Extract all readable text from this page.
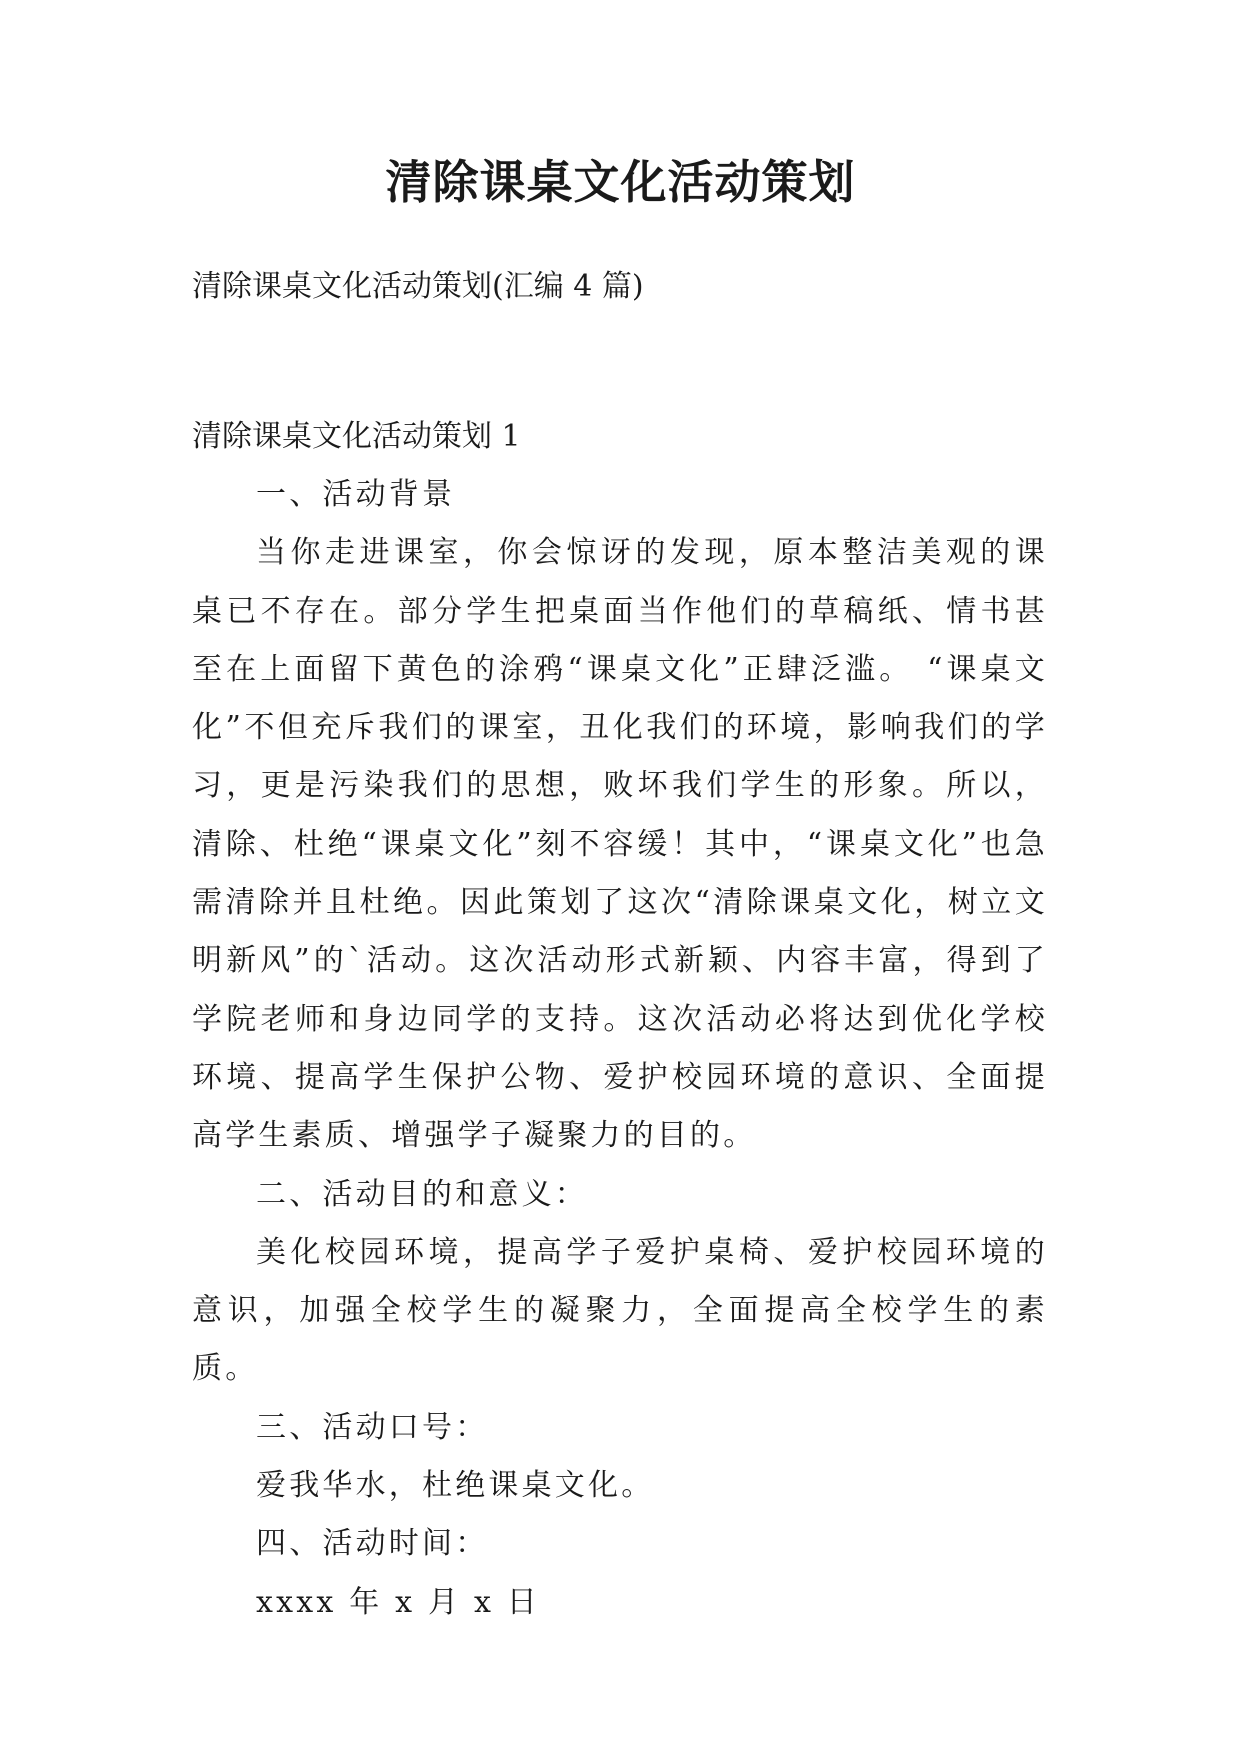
清除课桌文化活动策划
清除课桌文化活动策划(汇编 4 篇)
清除课桌文化活动策划 1

一、活动背景

当你走进课室，你会惊讶的发现，原本整洁美观的课桌已不存在。部分学生把桌面当作他们的草稿纸、情书甚至在上面留下黄色的涂鸦“课桌文化”正肆泛滥。 “课桌文化”不但充斥我们的课室，丑化我们的环境，影响我们的学习，更是污染我们的思想，败坏我们学生的形象。所以，清除、杜绝“课桌文化”刻不容缓！其中，“课桌文化”也急需清除并且杜绝。因此策划了这次“清除课桌文化，树立文明新风”的`活动。这次活动形式新颖、内容丰富，得到了学院老师和身边同学的支持。这次活动必将达到优化学校环境、提高学生保护公物、爱护校园环境的意识、全面提高学生素质、增强学子凝聚力的目的。

二、活动目的和意义：

美化校园环境，提高学子爱护桌椅、爱护校园环境的意识，加强全校学生的凝聚力，全面提高全校学生的素质。

三、活动口号：

爱我华水，杜绝课桌文化。

四、活动时间：

xxxx 年 x 月 x 日
